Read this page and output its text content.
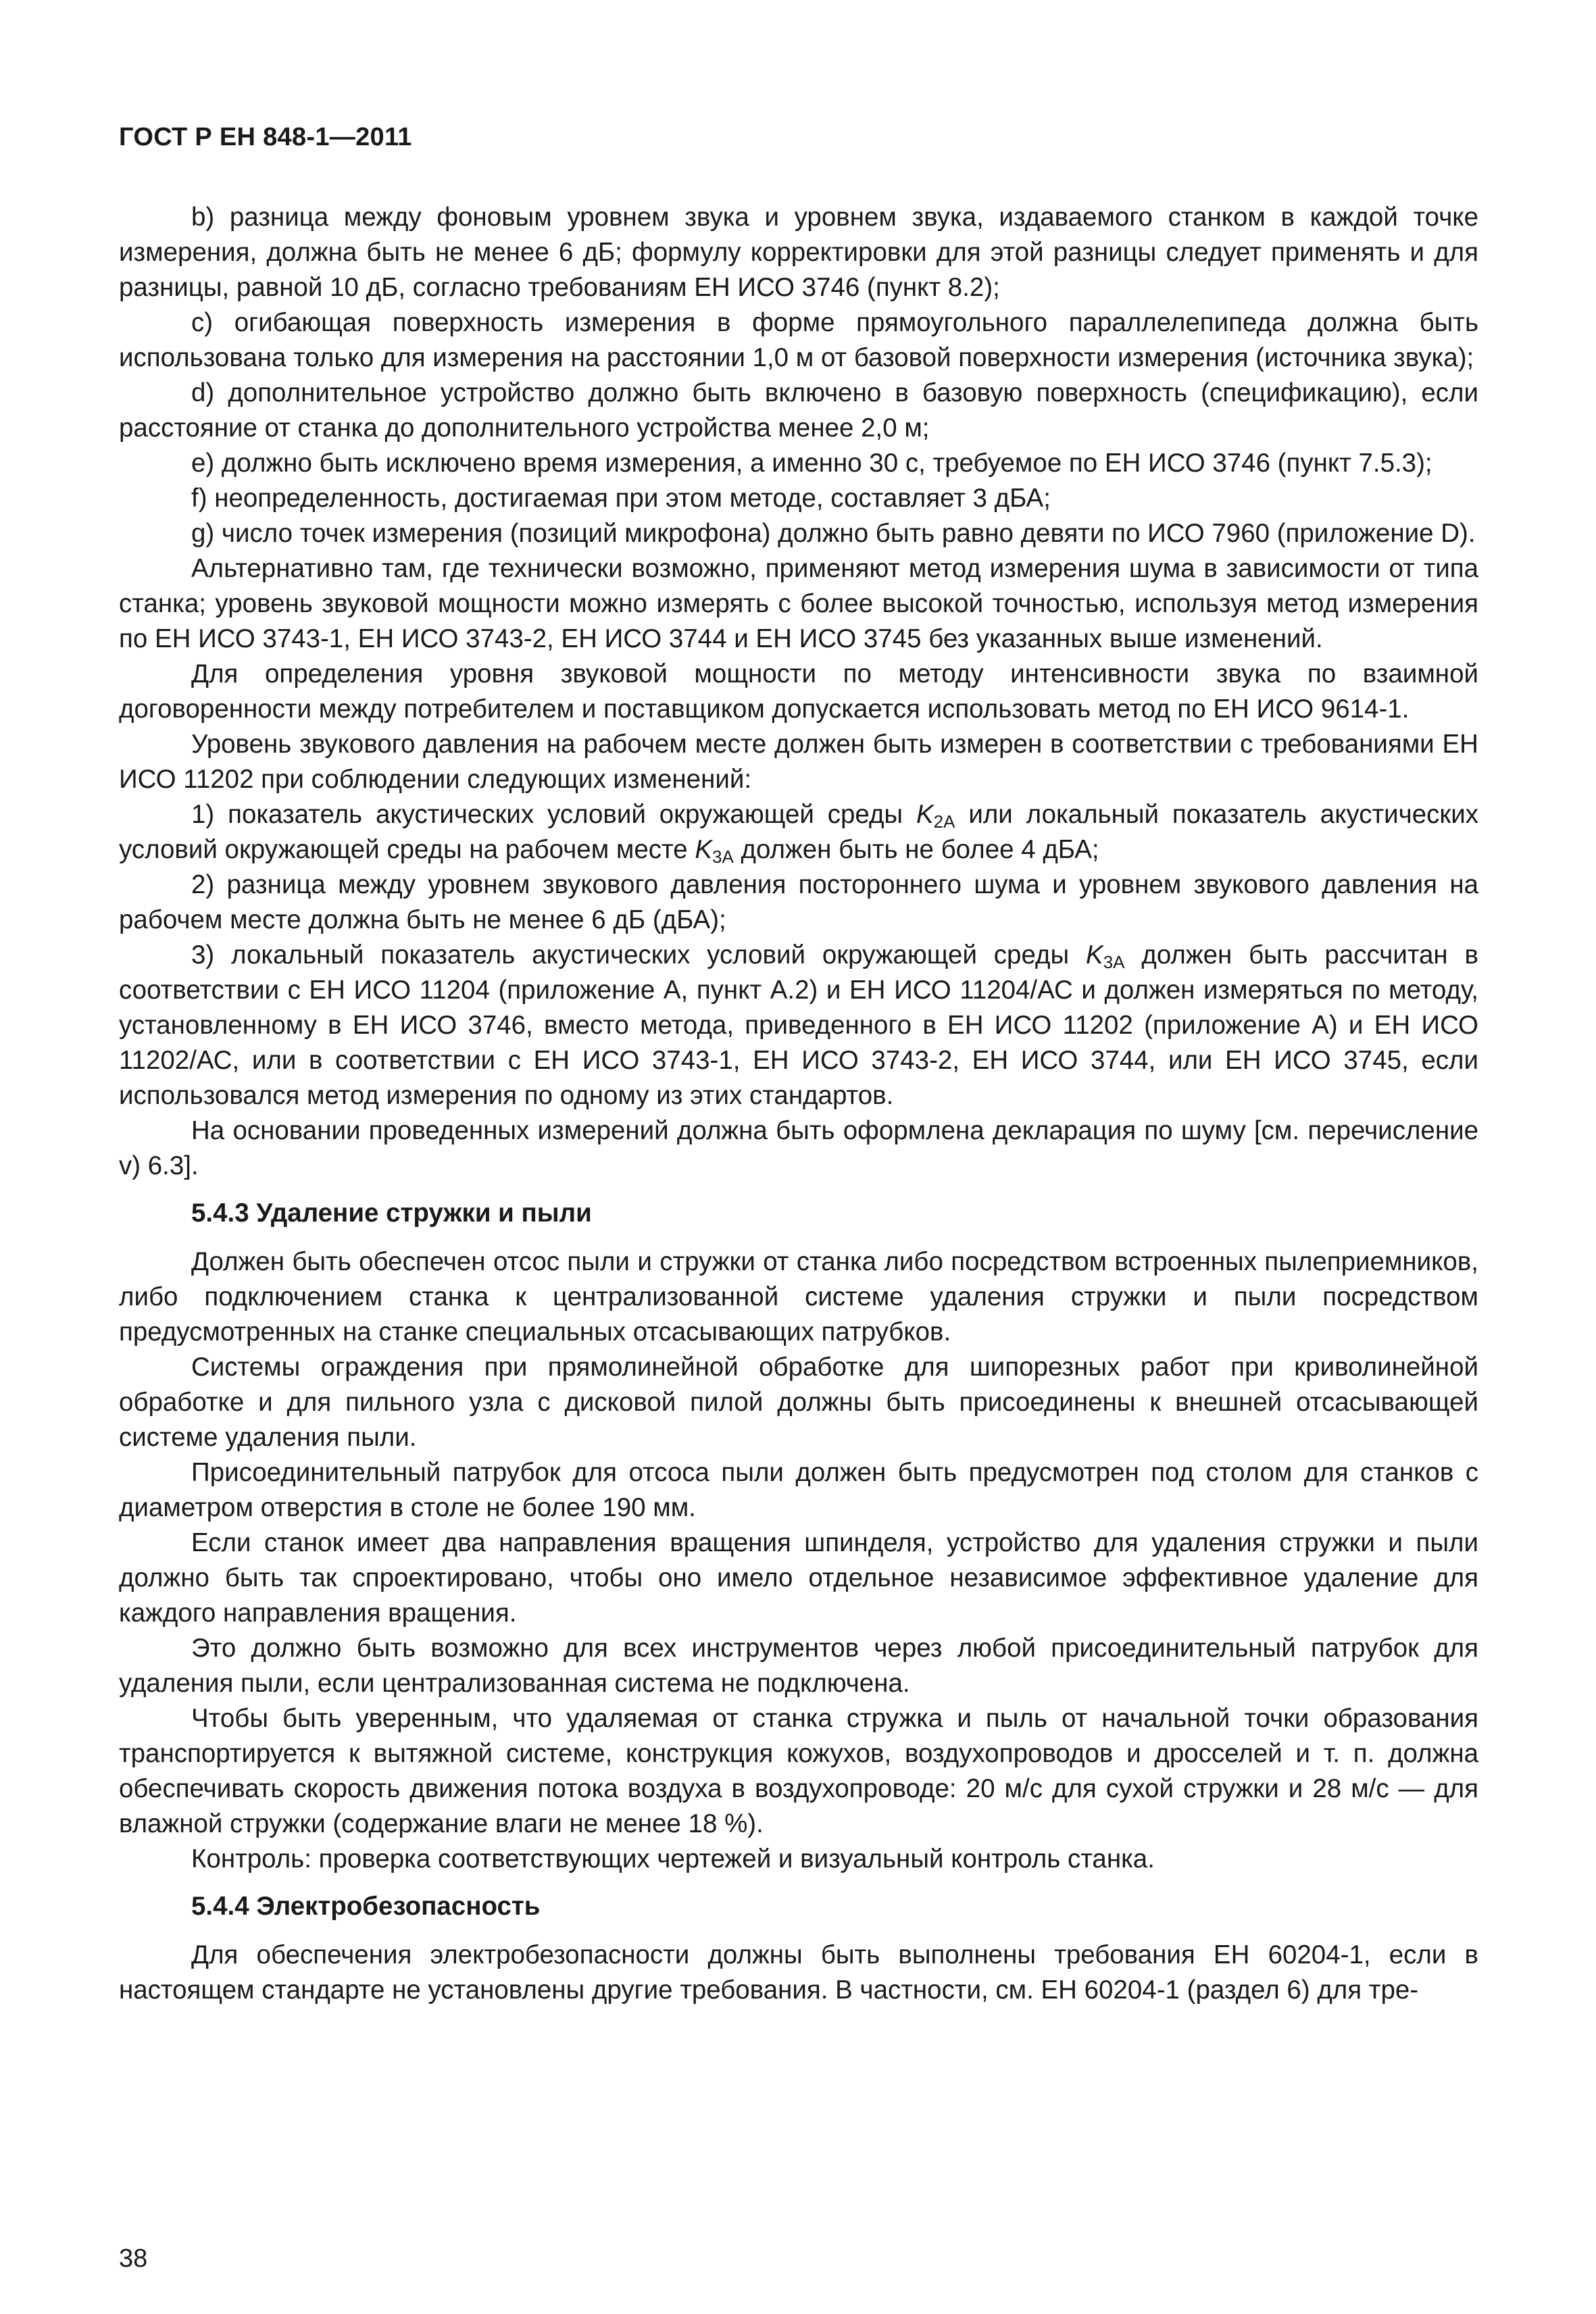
ГОСТ Р ЕН 848-1—2011

b) разница между фоновым уровнем звука и уровнем звука, издаваемого станком в каждой точке измерения, должна быть не менее 6 дБ; формулу корректировки для этой разницы следует применять и для разницы, равной 10 дБ, согласно требованиям ЕН ИСО 3746 (пункт 8.2);

c) огибающая поверхность измерения в форме прямоугольного параллелепипеда должна быть использована только для измерения на расстоянии 1,0 м от базовой поверхности измерения (источника звука);

d) дополнительное устройство должно быть включено в базовую поверхность (спецификацию), если расстояние от станка до дополнительного устройства менее 2,0 м;

e) должно быть исключено время измерения, а именно 30 с, требуемое по ЕН ИСО 3746 (пункт 7.5.3);

f) неопределенность, достигаемая при этом методе, составляет 3 дБА;

g) число точек измерения (позиций микрофона) должно быть равно девяти по ИСО 7960 (приложение D).

Альтернативно там, где технически возможно, применяют метод измерения шума в зависимости от типа станка; уровень звуковой мощности можно измерять с более высокой точностью, используя метод измерения по ЕН ИСО 3743-1, ЕН ИСО 3743-2, ЕН ИСО 3744 и ЕН ИСО 3745 без указанных выше изменений.

Для определения уровня звуковой мощности по методу интенсивности звука по взаимной договоренности между потребителем и поставщиком допускается использовать метод по ЕН ИСО 9614-1.

Уровень звукового давления на рабочем месте должен быть измерен в соответствии с требованиями ЕН ИСО 11202 при соблюдении следующих изменений:

1) показатель акустических условий окружающей среды $K_{2A}$ или локальный показатель акустических условий окружающей среды на рабочем месте $K_{3A}$ должен быть не более 4 дБА;

2) разница между уровнем звукового давления постороннего шума и уровнем звукового давления на рабочем месте должна быть не менее 6 дБ (дБА);

3) локальный показатель акустических условий окружающей среды $K_{3A}$ должен быть рассчитан в соответствии с ЕН ИСО 11204 (приложение А, пункт А.2) и ЕН ИСО 11204/АС и должен измеряться по методу, установленному в ЕН ИСО 3746, вместо метода, приведенного в ЕН ИСО 11202 (приложение А) и ЕН ИСО 11202/АС, или в соответствии с ЕН ИСО 3743-1, ЕН ИСО 3743-2, ЕН ИСО 3744, или ЕН ИСО 3745, если использовался метод измерения по одному из этих стандартов.

На основании проведенных измерений должна быть оформлена декларация по шуму [см. перечисление v) 6.3].

5.4.3 Удаление стружки и пыли

Должен быть обеспечен отсос пыли и стружки от станка либо посредством встроенных пылеприемников, либо подключением станка к централизованной системе удаления стружки и пыли посредством предусмотренных на станке специальных отсасывающих патрубков.

Системы ограждения при прямолинейной обработке для шипорезных работ при криволинейной обработке и для пильного узла с дисковой пилой должны быть присоединены к внешней отсасывающей системе удаления пыли.

Присоединительный патрубок для отсоса пыли должен быть предусмотрен под столом для станков с диаметром отверстия в столе не более 190 мм.

Если станок имеет два направления вращения шпинделя, устройство для удаления стружки и пыли должно быть так спроектировано, чтобы оно имело отдельное независимое эффективное удаление для каждого направления вращения.

Это должно быть возможно для всех инструментов через любой присоединительный патрубок для удаления пыли, если централизованная система не подключена.

Чтобы быть уверенным, что удаляемая от станка стружка и пыль от начальной точки образования транспортируется к вытяжной системе, конструкция кожухов, воздухопроводов и дросселей и т. п. должна обеспечивать скорость движения потока воздуха в воздухопроводе: 20 м/с для сухой стружки и 28 м/с — для влажной стружки (содержание влаги не менее 18 %).

Контроль: проверка соответствующих чертежей и визуальный контроль станка.

5.4.4 Электробезопасность

Для обеспечения электробезопасности должны быть выполнены требования ЕН 60204-1, если в настоящем стандарте не установлены другие требования. В частности, см. ЕН 60204-1 (раздел 6) для тре-

38
